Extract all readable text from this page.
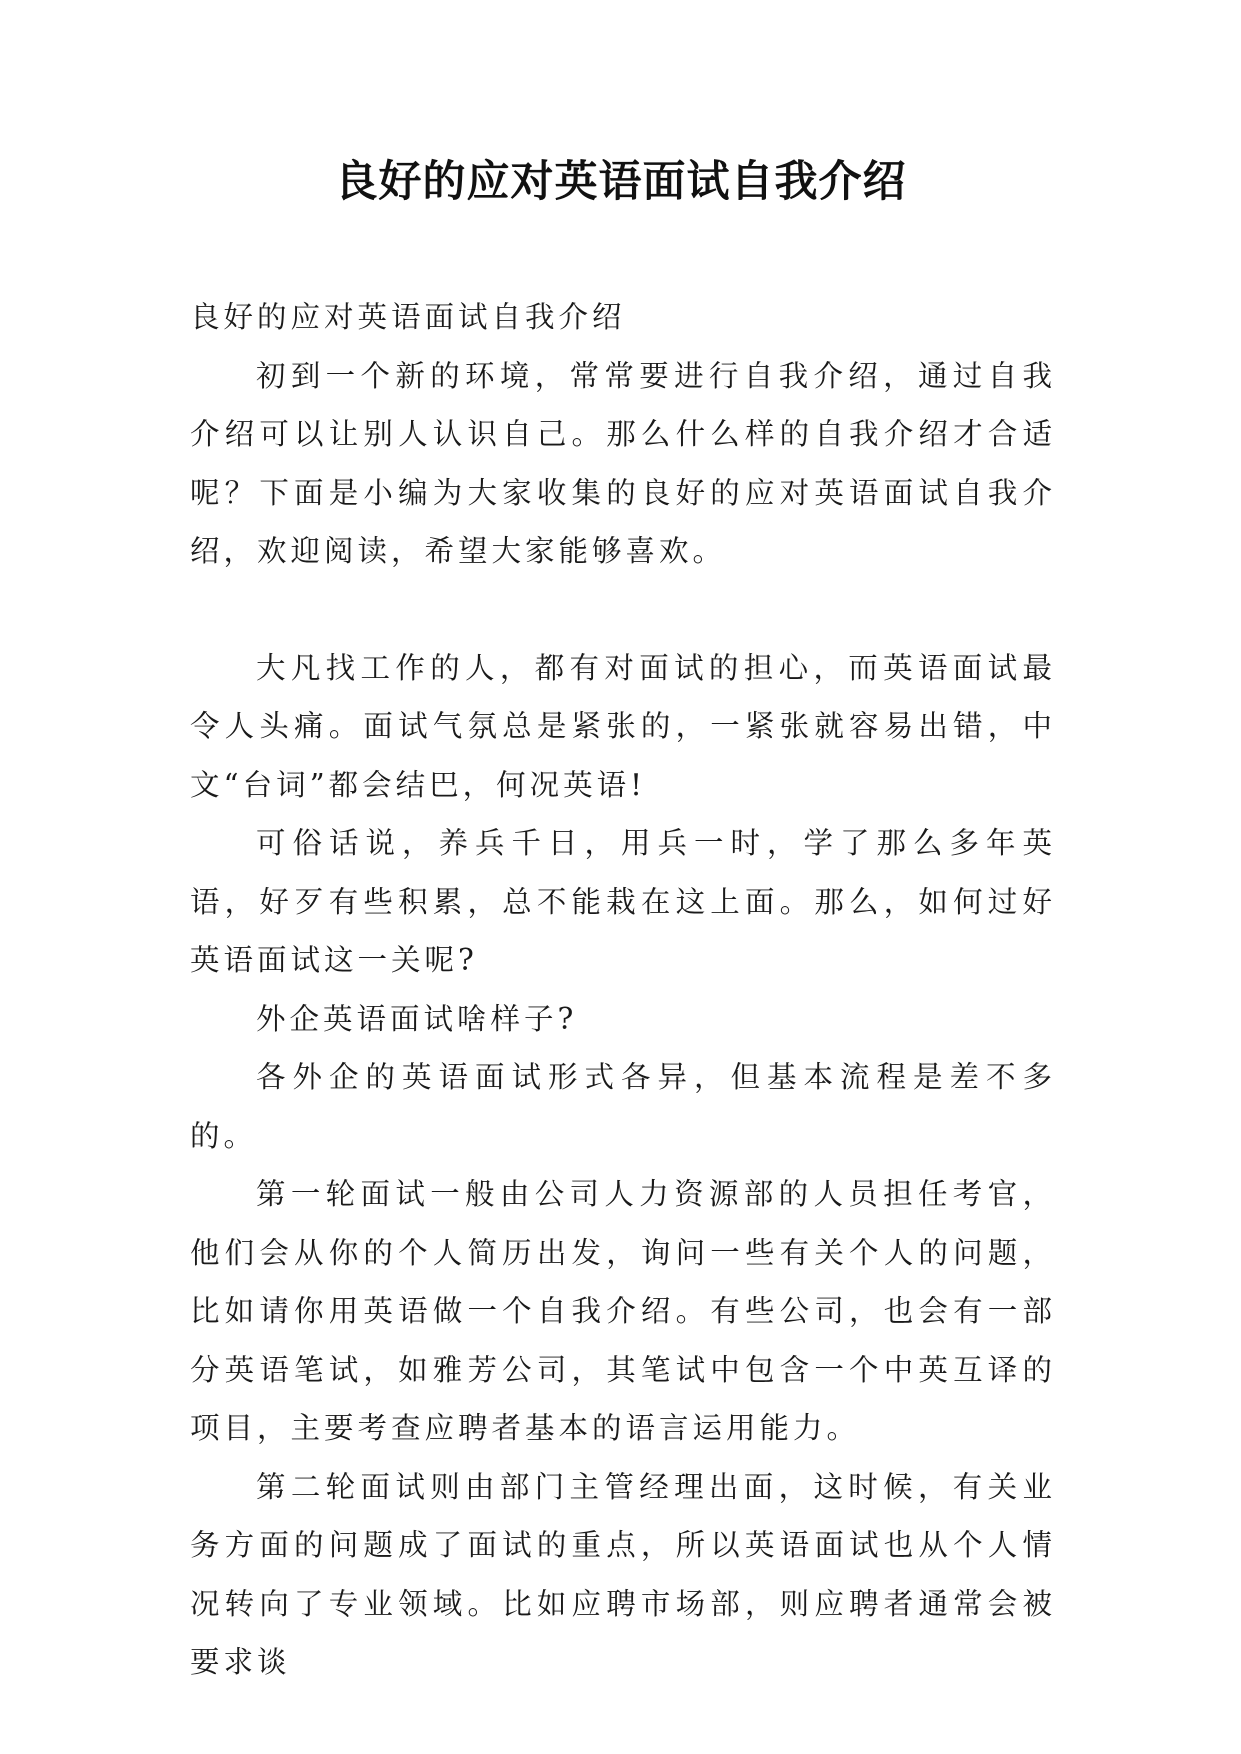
良好的应对英语面试自我介绍

良好的应对英语面试自我介绍

初到一个新的环境，常常要进行自我介绍，通过自我介绍可以让别人认识自己。那么什么样的自我介绍才合适呢？下面是小编为大家收集的良好的应对英语面试自我介绍，欢迎阅读，希望大家能够喜欢。

大凡找工作的人，都有对面试的担心，而英语面试最令人头痛。面试气氛总是紧张的，一紧张就容易出错，中文“台词”都会结巴，何况英语!

可俗话说，养兵千日，用兵一时，学了那么多年英语，好歹有些积累，总不能栽在这上面。那么，如何过好英语面试这一关呢?

外企英语面试啥样子?

各外企的英语面试形式各异，但基本流程是差不多的。

第一轮面试一般由公司人力资源部的人员担任考官，他们会从你的个人简历出发，询问一些有关个人的问题，比如请你用英语做一个自我介绍。有些公司，也会有一部分英语笔试，如雅芳公司，其笔试中包含一个中英互译的项目，主要考查应聘者基本的语言运用能力。

第二轮面试则由部门主管经理出面，这时候，有关业务方面的问题成了面试的重点，所以英语面试也从个人情况转向了专业领域。比如应聘市场部，则应聘者通常会被要求谈
